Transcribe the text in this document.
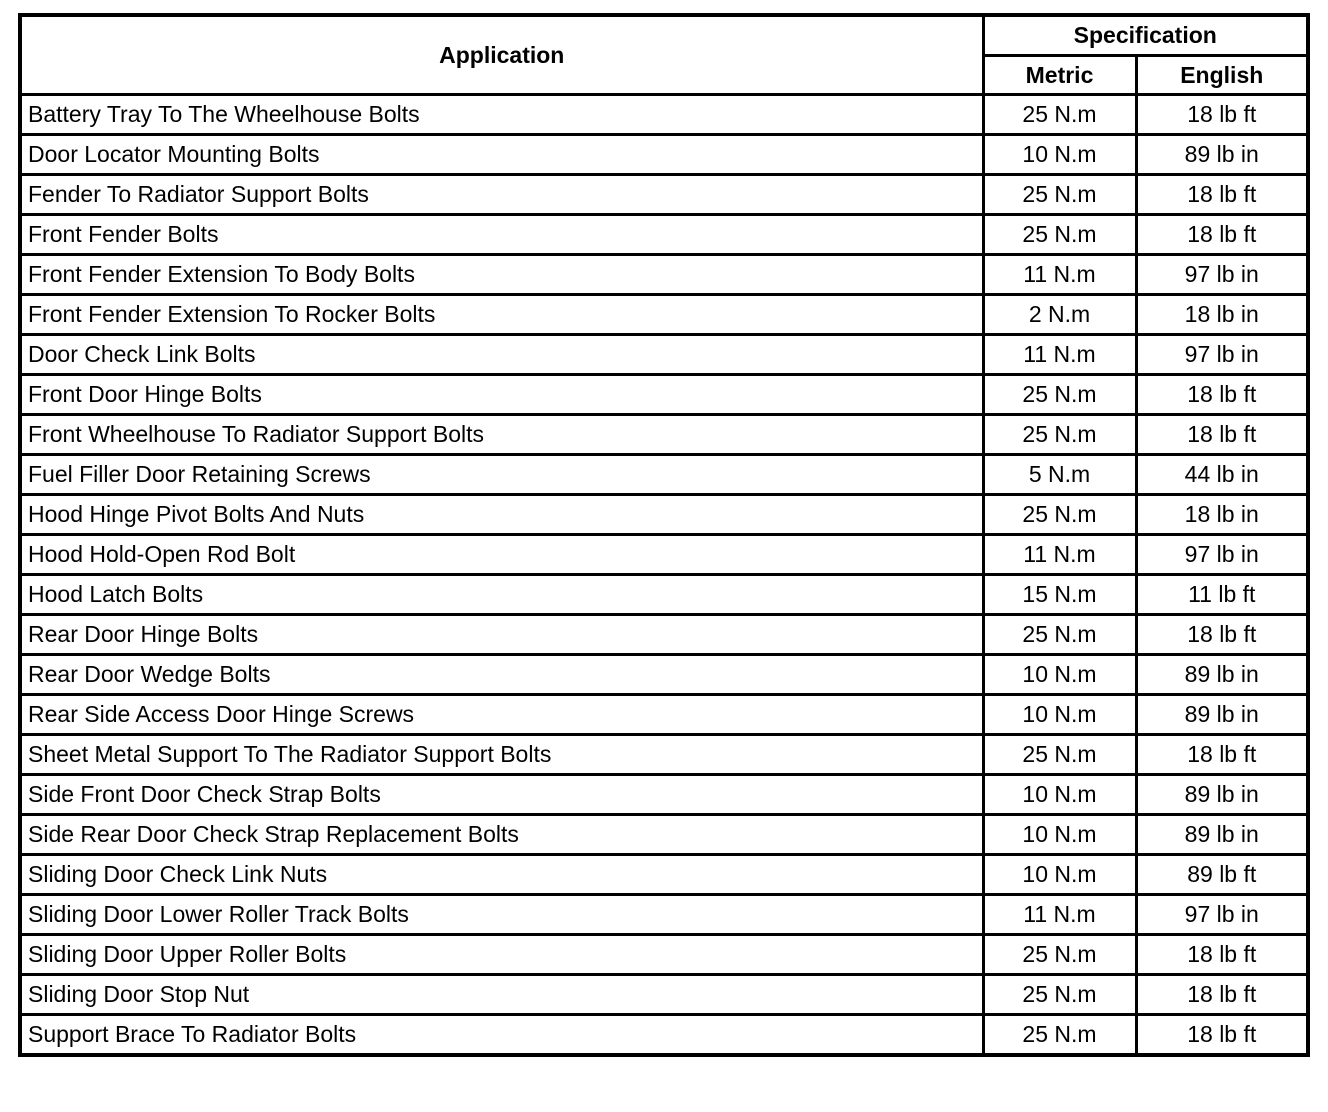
Application	Specification	
	Metric	English
Battery Tray To The Wheelhouse Bolts	25 N.m	18 lb ft
Door Locator Mounting Bolts	10 N.m	89 lb in
Fender To Radiator Support Bolts	25 N.m	18 lb ft
Front Fender Bolts	25 N.m	18 lb ft
Front Fender Extension To Body Bolts	11 N.m	97 lb in
Front Fender Extension To Rocker Bolts	2 N.m	18 lb in
Door Check Link Bolts	11 N.m	97 lb in
Front Door Hinge Bolts	25 N.m	18 lb ft
Front Wheelhouse To Radiator Support Bolts	25 N.m	18 lb ft
Fuel Filler Door Retaining Screws	5 N.m	44 lb in
Hood Hinge Pivot Bolts And Nuts	25 N.m	18 lb in
Hood Hold-Open Rod Bolt	11 N.m	97 lb in
Hood Latch Bolts	15 N.m	11 lb ft
Rear Door Hinge Bolts	25 N.m	18 lb ft
Rear Door Wedge Bolts	10 N.m	89 lb in
Rear Side Access Door Hinge Screws	10 N.m	89 lb in
Sheet Metal Support To The Radiator Support Bolts	25 N.m	18 lb ft
Side Front Door Check Strap Bolts	10 N.m	89 lb in
Side Rear Door Check Strap Replacement Bolts	10 N.m	89 lb in
Sliding Door Check Link Nuts	10 N.m	89 lb ft
Sliding Door Lower Roller Track Bolts	11 N.m	97 lb in
Sliding Door Upper Roller Bolts	25 N.m	18 lb ft
Sliding Door Stop Nut	25 N.m	18 lb ft
Support Brace To Radiator Bolts	25 N.m	18 lb ft
